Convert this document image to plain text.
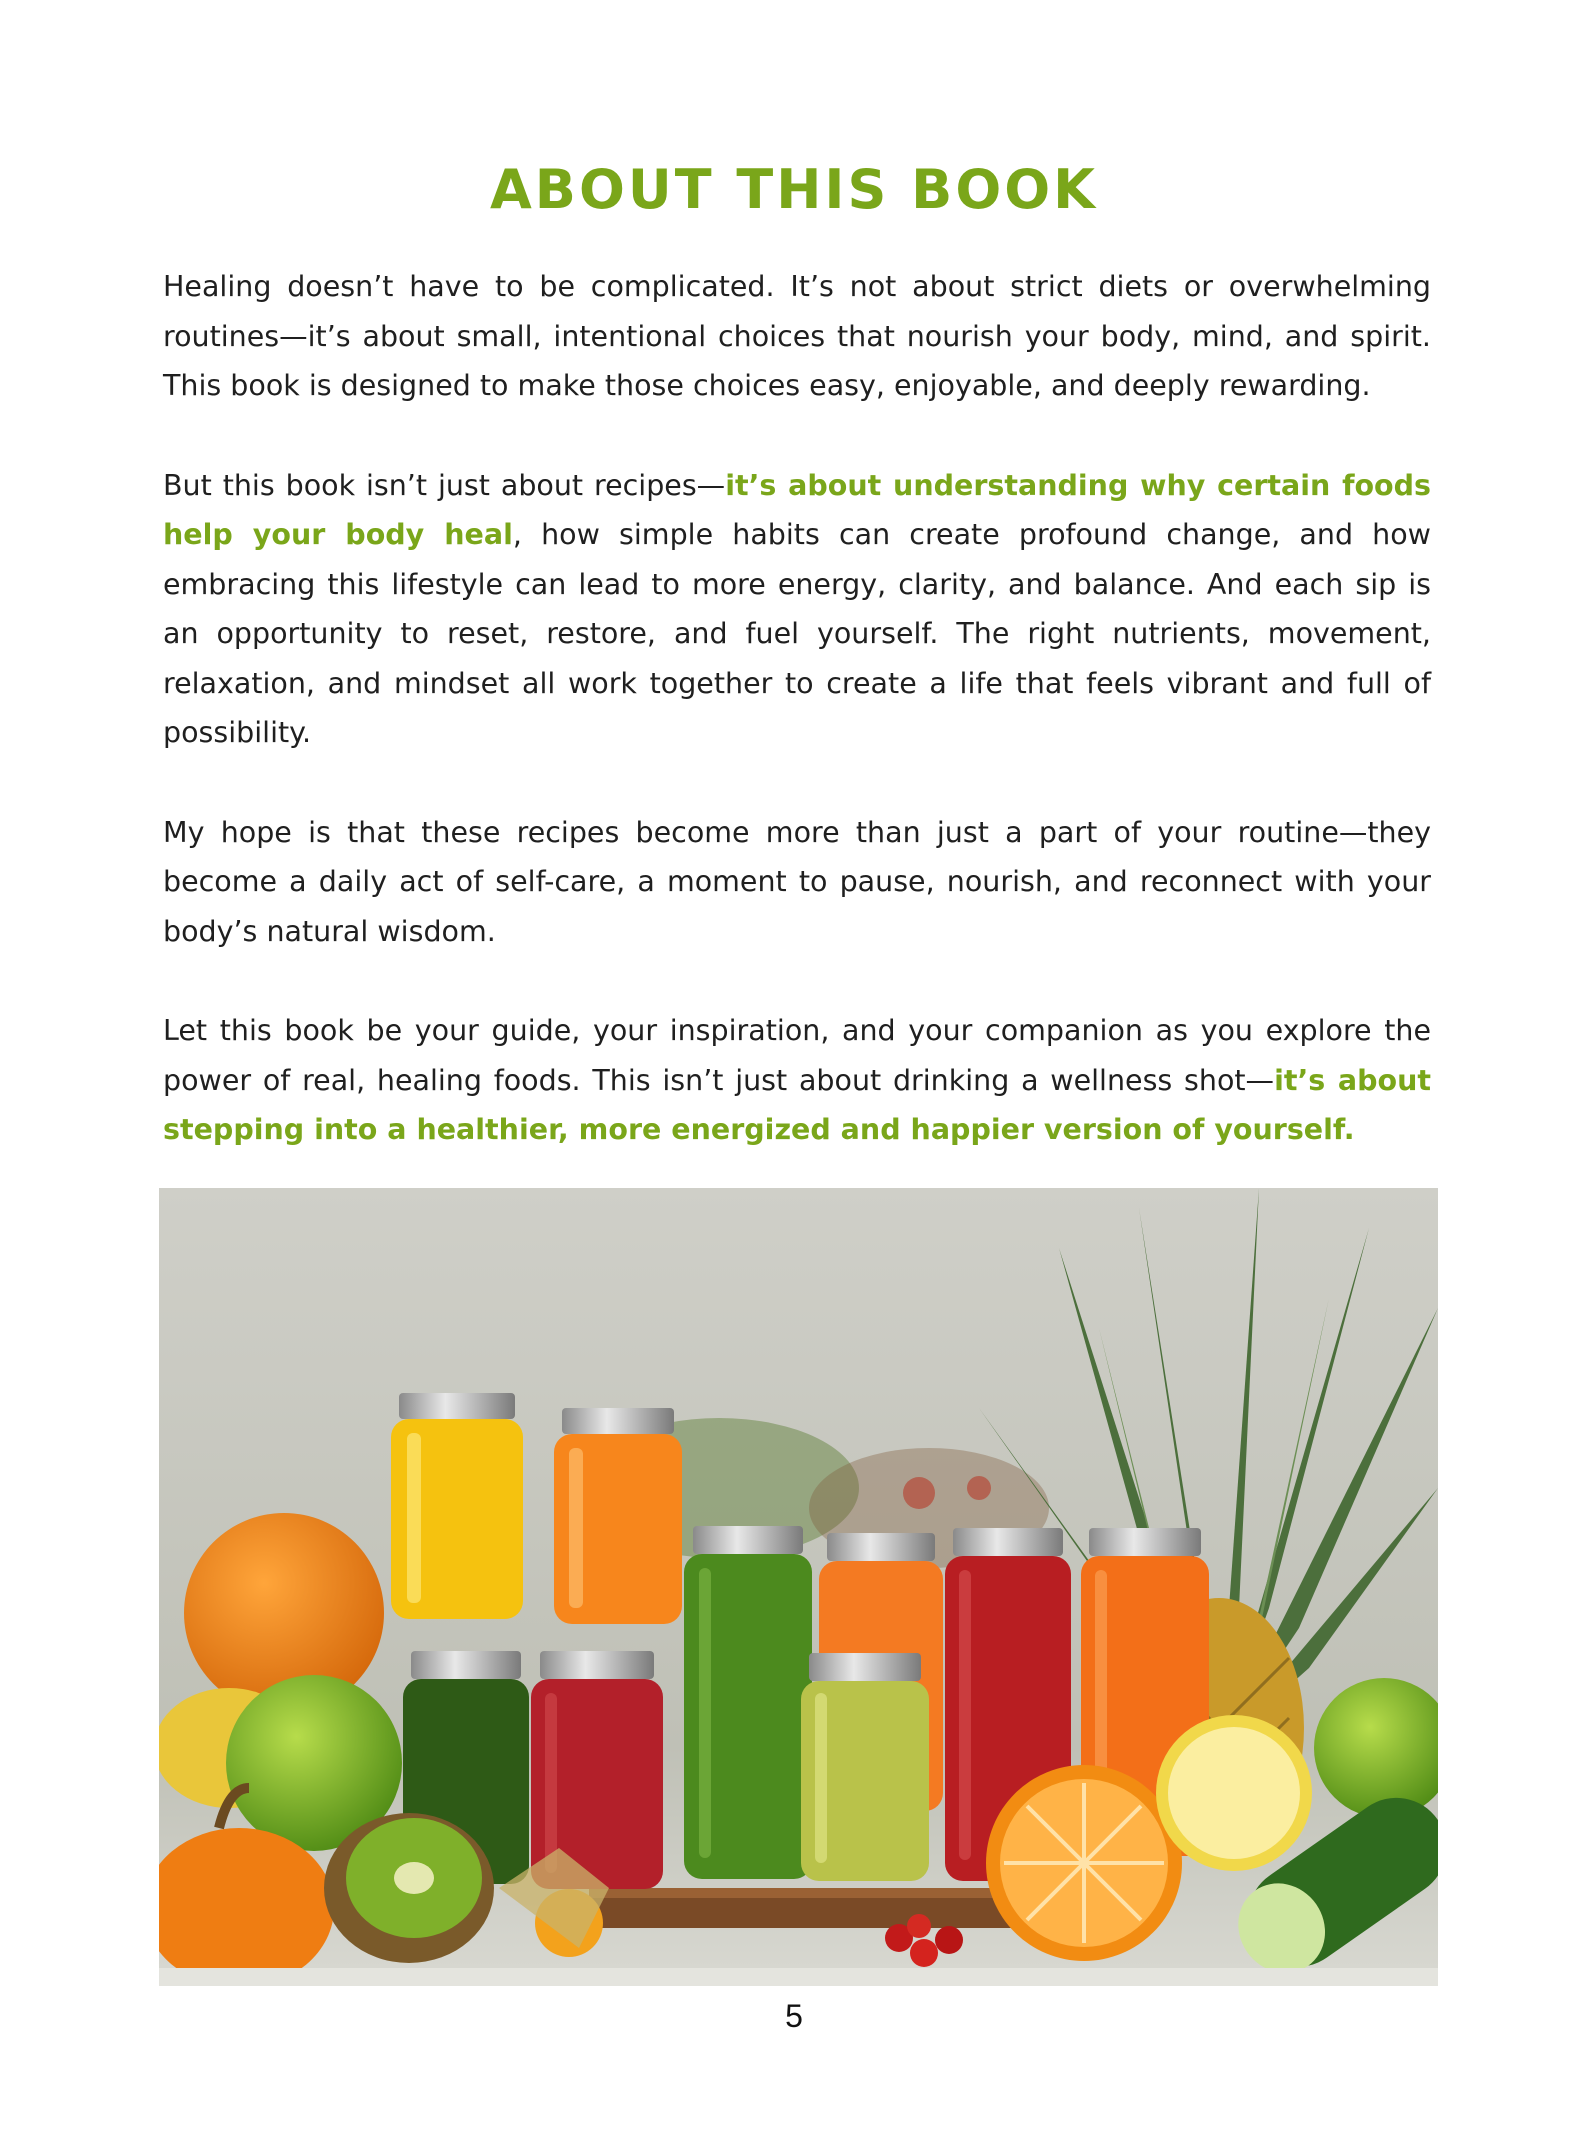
ABOUT THIS BOOK

Healing doesn’t have to be complicated. It’s not about strict diets or overwhelming routines—it’s about small, intentional choices that nourish your body, mind, and spirit. This book is designed to make those choices easy, enjoyable, and deeply rewarding.

But this book isn’t just about recipes—it’s about understanding why certain foods help your body heal, how simple habits can create profound change, and how embracing this lifestyle can lead to more energy, clarity, and balance. And each sip is an opportunity to reset, restore, and fuel yourself. The right nutrients, movement, relaxation, and mindset all work together to create a life that feels vibrant and full of possibility.

My hope is that these recipes become more than just a part of your routine—they become a daily act of self-care, a moment to pause, nourish, and reconnect with your body’s natural wisdom.

Let this book be your guide, your inspiration, and your companion as you explore the power of real, healing foods. This isn’t just about drinking a wellness shot—it’s about stepping into a healthier, more energized and happier version of yourself.

5
